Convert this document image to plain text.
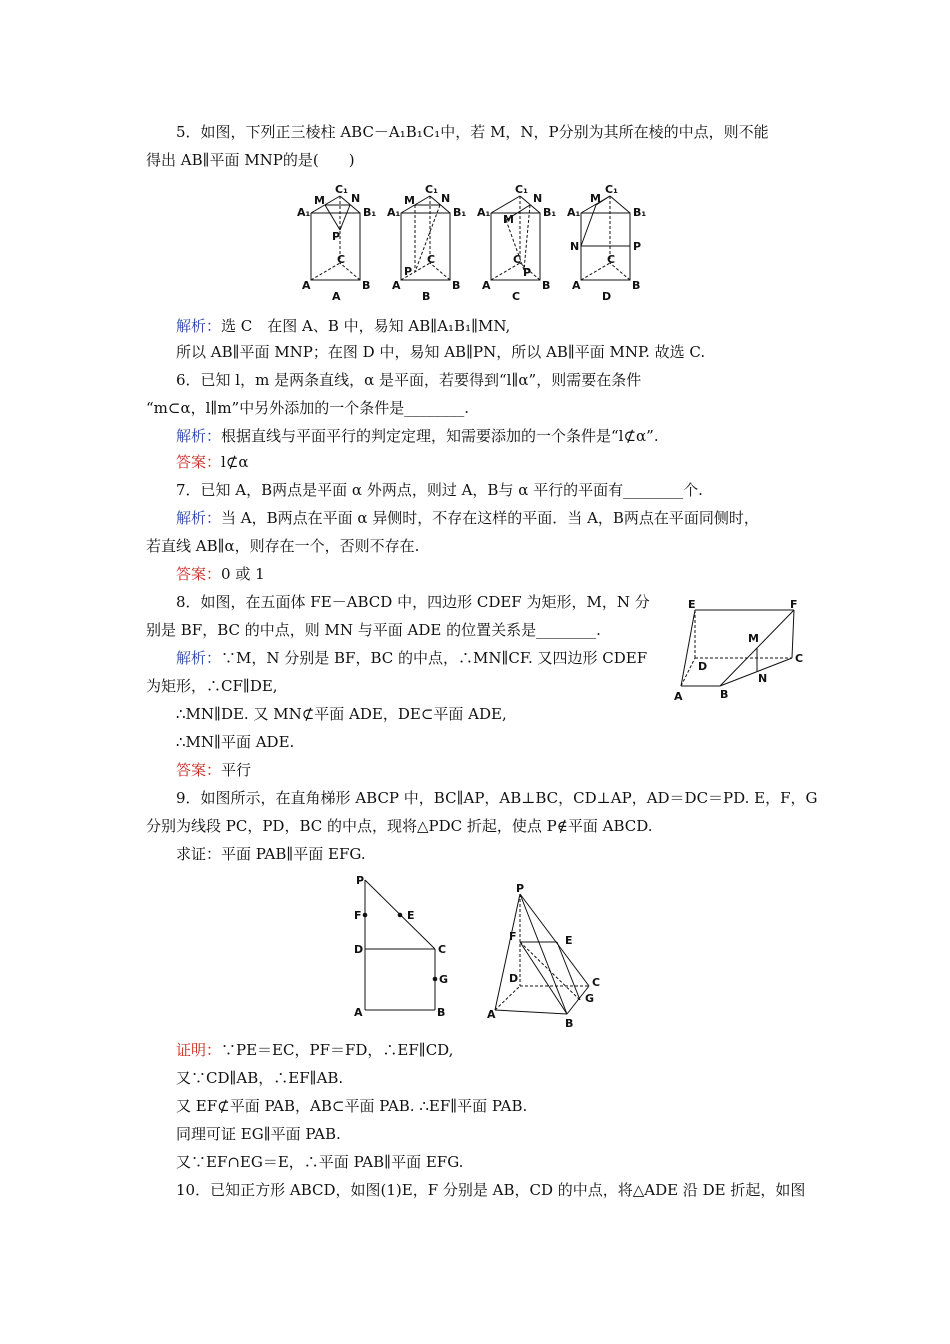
5．如图，下列正三棱柱 ABC－A₁B₁C₁中，若 M，N，P分别为其所在棱的中点，则不能
得出 AB∥平面 MNP的是(　　)
A₁
M
C₁
N
B₁
P
C
A	B
A₁
M
C₁
N
B₁
P
C
A	B
A₁
M
C₁
N
B₁
P
C
A	B
A₁
M
C₁
B₁
N	P
C
A	B
A	B	C	D
解析：选 C　在图 A、B 中，易知 AB∥A₁B₁∥MN,
所以 AB∥平面 MNP；在图 D 中，易知 AB∥PN，所以 AB∥平面 MNP. 故选 C.
6．已知 l，m 是两条直线，α 是平面，若要得到“l∥α”，则需要在条件
“m⊂α，l∥m”中另外添加的一个条件是________.
解析：根据直线与平面平行的判定定理，知需要添加的一个条件是“l⊄α”.
答案：l⊄α
7．已知 A，B两点是平面 α 外两点，则过 A，B与 α 平行的平面有________个.
解析：当 A，B两点在平面 α 异侧时，不存在这样的平面．当 A，B两点在平面同侧时，
若直线 AB∥α，则存在一个，否则不存在.
答案：0 或 1
8．如图，在五面体 FE－ABCD 中，四边形 CDEF 为矩形，M，N 分
别是 BF，BC 的中点，则 MN 与平面 ADE 的位置关系是________.
解析：∵M，N 分别是 BF，BC 的中点，∴MN∥CF. 又四边形 CDEF
为矩形，∴CF∥DE,
∴MN∥DE. 又 MN⊄平面 ADE，DE⊂平面 ADE,
∴MN∥平面 ADE.
答案：平行
E	F
M
C
D
N
A	B
9．如图所示，在直角梯形 ABCP 中，BC∥AP，AB⊥BC，CD⊥AP，AD＝DC＝PD. E，F，G
分别为线段 PC，PD，BC 的中点，现将△PDC 折起，使点 P∉平面 ABCD.
求证：平面 PAB∥平面 EFG.
P
F	E
D	C
G
A	B
P
F	E
D	C
G
A
B
证明：∵PE＝EC，PF＝FD，∴EF∥CD,
又∵CD∥AB，∴EF∥AB.
又 EF⊄平面 PAB，AB⊂平面 PAB. ∴EF∥平面 PAB.
同理可证 EG∥平面 PAB.
又∵EF∩EG＝E，∴平面 PAB∥平面 EFG.
10．已知正方形 ABCD，如图(1)E，F 分别是 AB，CD 的中点，将△ADE 沿 DE 折起，如图
